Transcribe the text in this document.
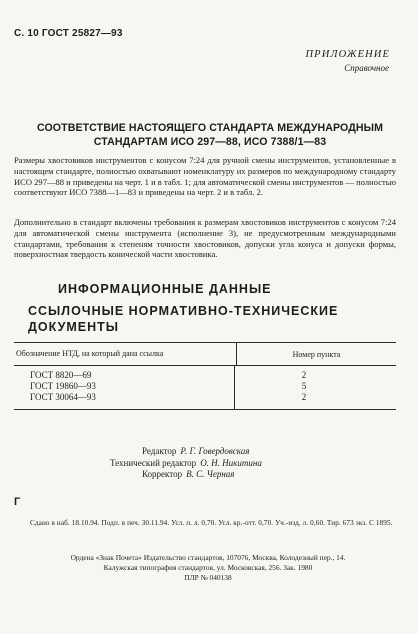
С. 10 ГОСТ 25827—93
ПРИЛОЖЕНИЕ
Справочное
СООТВЕТСТВИЕ НАСТОЯЩЕГО СТАНДАРТА МЕЖДУНАРОДНЫМ
СТАНДАРТАМ ИСО 297—88, ИСО 7388/1—83
Размеры хвостовиков инструментов с конусом 7:24 для ручной смены инструментов, установленные в настоящем стандарте, полностью охватывают номенклатуру их размеров по международному стандарту ИСО 297—88 и приведены на черт. 1 и в табл. 1; для автоматической смены инструментов — полностью соответствуют ИСО 7388—1—83 и приведены на черт. 2 и в табл. 2.
Дополнительно в стандарт включены требования к размерам хвостовиков инструментов с конусом 7:24 для автоматической смены инструмента (исполнение 3), не предусмотренным международными стандартами, требования к степеням точности хвостовиков, допуски угла конуса и допуски формы, поверхностная твердость конической части хвостовика.
ИНФОРМАЦИОННЫЕ ДАННЫЕ
ССЫЛОЧНЫЕ НОРМАТИВНО-ТЕХНИЧЕСКИЕ ДОКУМЕНТЫ
Обозначение НТД, на который дана ссылка	Номер пункта
ГОСТ 8820—69	2
ГОСТ 19860—93	5
ГОСТ 30064—93	2
Редактор Р. Г. Говердовская
Технический редактор О. Н. Никитина
Корректор В. С. Черная
Г
Сдано в наб. 18.10.94. Подп. в печ. 30.11.94. Усл. п. л. 0,70. Усл. кр.-отт. 0,70. Уч.-изд. л. 0,60. Тир. 673 экз. С 1895.
Ордена «Знак Почета» Издательство стандартов, 107076, Москва, Колодезный пер., 14.
Калужская типография стандартов, ул. Московская, 256. Зак. 1980
ПЛР № 040138
